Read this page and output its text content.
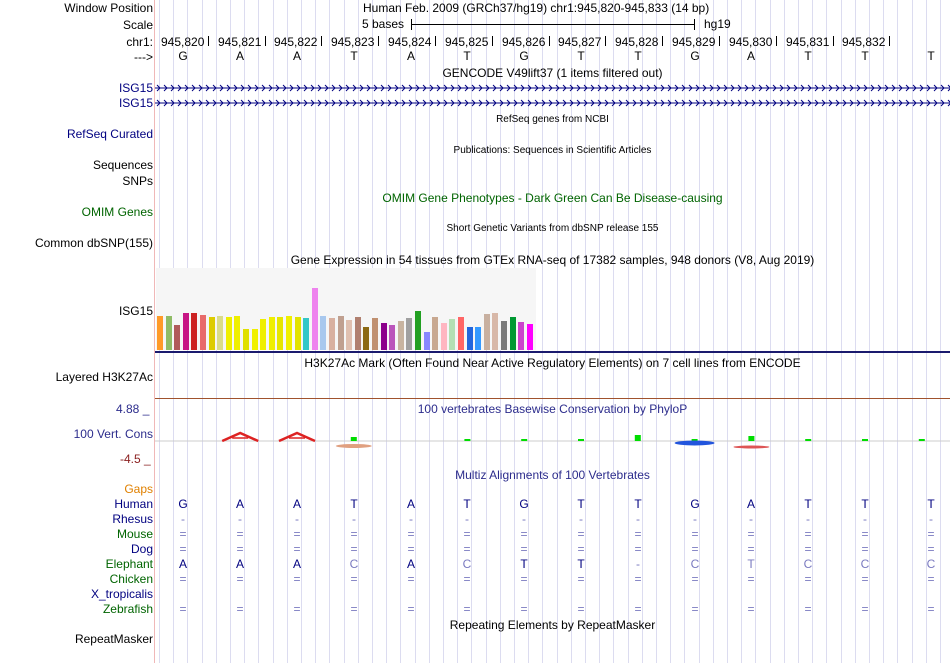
Window Position	Human Feb. 2009 (GRCh37/hg19) chr1:945,820-945,833 (14 bp)
Scale	5 bases	hg19
chr1: 945,820 945,821 945,822 945,823 945,824 945,825 945,826 945,827 945,828 945,829 945,830 945,831 945,832
---> G	A	A	T	A	T	G	T	T	G	A	T	T	T
GENCODE V49lift37 (1 items filtered out)
ISG15
ISG15
RefSeq genes from NCBI
RefSeq Curated
Publications: Sequences in Scientific Articles
Sequences
SNPs
OMIM Gene Phenotypes - Dark Green Can Be Disease-causing
OMIM Genes
Short Genetic Variants from dbSNP release 155
Common dbSNP(155)
Gene Expression in 54 tissues from GTEx RNA-seq of 17382 samples, 948 donors (V8, Aug 2019)
ISG15
H3K27Ac Mark (Often Found Near Active Regulatory Elements) on 7 cell lines from ENCODE
Layered H3K27Ac
4.88 _	100 vertebrates Basewise Conservation by PhyloP
100 Vert. Cons
-4.5 _
Multiz Alignments of 100 Vertebrates
Gaps
Human G	A	A	T	A	T	G	T	T	G	A	T	T	T
Rhesus	-	-	-	-	-	-	-	-	-	-	-	-	-	-
Mouse =	=	=	=	=	=	=	=	=	=	=	=	=	=
Dog =	=	=	=	=	=	=	=	=	=	=	=	=	=
Elephant A	A	A	C	A	C	T	T	-	C	T	C	C	C
Chicken =	=	=	=	=	=	=	=	=	=	=	=	=	=
X_tropicalis
Zebrafish =	=	=	=	=	=	=	=	=	=	=	=	=	=
Repeating Elements by RepeatMasker
RepeatMasker
